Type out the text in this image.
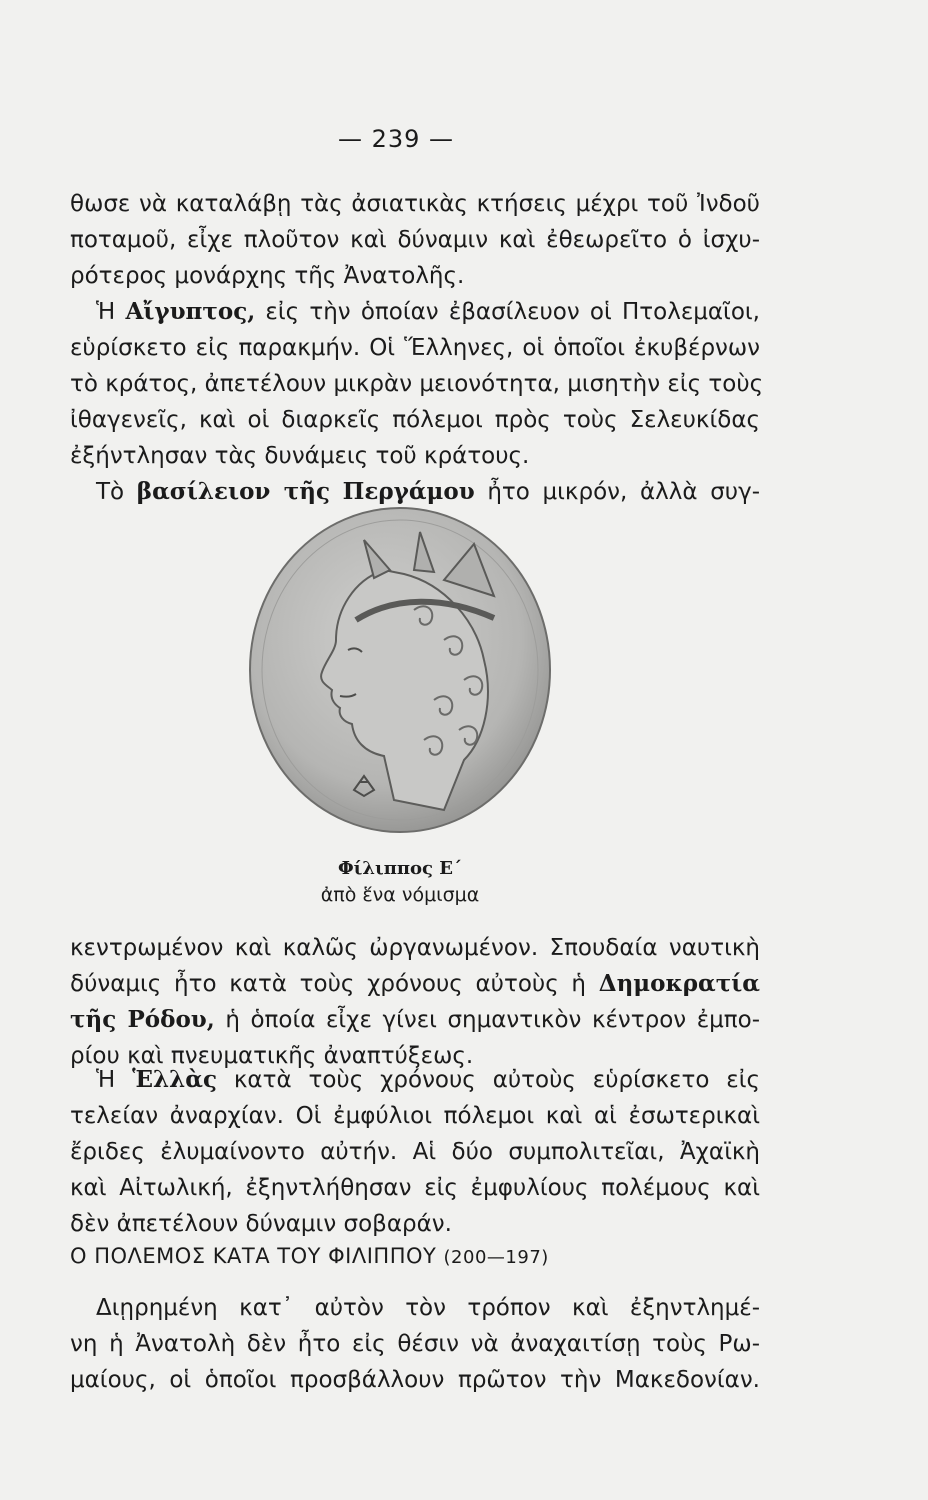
— 239 —
θωσε νὰ καταλάβῃ τὰς ἀσιατικὰς κτήσεις μέχρι τοῦ Ἰνδοῦ
ποταμοῦ, εἶχε πλοῦτον καὶ δύναμιν καὶ ἐθεωρεῖτο ὁ ἰσχυ-
ρότερος μονάρχης τῆς Ἀνατολῆς.
Ἡ Αἴγυπτος, εἰς τὴν ὁποίαν ἐβασίλευον οἱ Πτολεμαῖοι,
εὑρίσκετο εἰς παρακμήν. Οἱ Ἕλληνες, οἱ ὁποῖοι ἐκυβέρνων
τὸ κράτος, ἀπετέλουν μικρὰν μειονότητα, μισητὴν εἰς τοὺς
ἰθαγενεῖς, καὶ οἱ διαρκεῖς πόλεμοι πρὸς τοὺς Σελευκίδας
ἐξήντλησαν τὰς δυνάμεις τοῦ κράτους.
Τὸ βασίλειον τῆς Περγάμου ἦτο μικρόν, ἀλλὰ συγ-
Φίλιππος Ε΄
ἀπὸ ἕνα νόμισμα
κεντρωμένον καὶ καλῶς ὠργανωμένον. Σπουδαία ναυτικὴ
δύναμις ἦτο κατὰ τοὺς χρόνους αὐτοὺς ἡ Δημοκρατία
τῆς Ρόδου, ἡ ὁποία εἶχε γίνει σημαντικὸν κέντρον ἐμπο-
ρίου καὶ πνευματικῆς ἀναπτύξεως.
Ἡ Ἑλλὰς κατὰ τοὺς χρόνους αὐτοὺς εὑρίσκετο εἰς
τελείαν ἀναρχίαν. Οἱ ἐμφύλιοι πόλεμοι καὶ αἱ ἐσωτερικαὶ
ἔριδες ἐλυμαίνοντο αὐτήν. Αἱ δύο συμπολιτεῖαι, Ἀχαϊκὴ
καὶ Αἰτωλική, ἐξηντλήθησαν εἰς ἐμφυλίους πολέμους καὶ
δὲν ἀπετέλουν δύναμιν σοβαράν.
Ο ΠΟΛΕΜΟΣ ΚΑΤΑ ΤΟΥ ΦΙΛΙΠΠΟΥ (200—197)
Διῃρημένη κατ᾽ αὐτὸν τὸν τρόπον καὶ ἐξηντλημέ-
νη ἡ Ἀνατολὴ δὲν ἦτο εἰς θέσιν νὰ ἀναχαιτίσῃ τοὺς Ρω-
μαίους, οἱ ὁποῖοι προσβάλλουν πρῶτον τὴν Μακεδονίαν.
